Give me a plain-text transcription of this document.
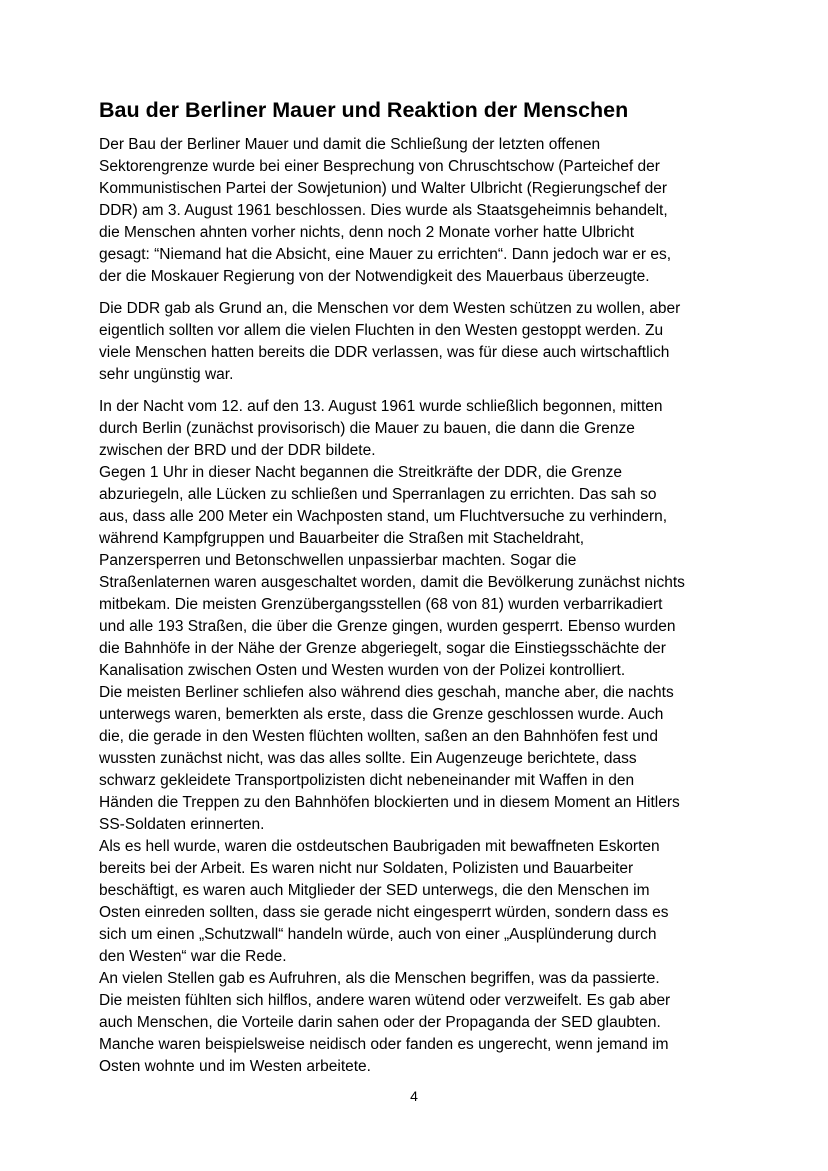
Bau der Berliner Mauer und Reaktion der Menschen
Der Bau der Berliner Mauer und damit die Schließung der letzten offenen
Sektorengrenze wurde bei einer Besprechung von Chruschtschow (Parteichef der
Kommunistischen Partei der Sowjetunion) und Walter Ulbricht (Regierungschef der
DDR) am 3. August 1961 beschlossen. Dies wurde als Staatsgeheimnis behandelt,
die Menschen ahnten vorher nichts, denn noch 2 Monate vorher hatte Ulbricht
gesagt: “Niemand hat die Absicht, eine Mauer zu errichten“. Dann jedoch war er es,
der die Moskauer Regierung von der Notwendigkeit des Mauerbaus überzeugte.
Die DDR gab als Grund an, die Menschen vor dem Westen schützen zu wollen, aber
eigentlich sollten vor allem die vielen Fluchten in den Westen gestoppt werden. Zu
viele Menschen hatten bereits die DDR verlassen, was für diese auch wirtschaftlich
sehr ungünstig war.
In der Nacht vom 12. auf den 13. August 1961 wurde schließlich begonnen, mitten
durch Berlin (zunächst provisorisch) die Mauer zu bauen, die dann die Grenze
zwischen der BRD und der DDR bildete.
Gegen 1 Uhr in dieser Nacht begannen die Streitkräfte der DDR, die Grenze
abzuriegeln, alle Lücken zu schließen und Sperranlagen zu errichten. Das sah so
aus, dass alle 200 Meter ein Wachposten stand, um Fluchtversuche zu verhindern,
während Kampfgruppen und Bauarbeiter die Straßen mit Stacheldraht,
Panzersperren und Betonschwellen unpassierbar machten. Sogar die
Straßenlaternen waren ausgeschaltet worden, damit die Bevölkerung zunächst nichts
mitbekam. Die meisten Grenzübergangsstellen (68 von 81) wurden verbarrikadiert
und alle 193 Straßen, die über die Grenze gingen, wurden gesperrt. Ebenso wurden
die Bahnhöfe in der Nähe der Grenze abgeriegelt, sogar die Einstiegsschächte der
Kanalisation zwischen Osten und Westen wurden von der Polizei kontrolliert.
Die meisten Berliner schliefen also während dies geschah, manche aber, die nachts
unterwegs waren, bemerkten als erste, dass die Grenze geschlossen wurde. Auch
die, die gerade in den Westen flüchten wollten, saßen an den Bahnhöfen fest und
wussten zunächst nicht, was das alles sollte. Ein Augenzeuge berichtete, dass
schwarz gekleidete Transportpolizisten dicht nebeneinander mit Waffen in den
Händen die Treppen zu den Bahnhöfen blockierten und in diesem Moment an Hitlers
SS-Soldaten erinnerten.
Als es hell wurde, waren die ostdeutschen Baubrigaden mit bewaffneten Eskorten
bereits bei der Arbeit. Es waren nicht nur Soldaten, Polizisten und Bauarbeiter
beschäftigt, es waren auch Mitglieder der SED unterwegs, die den Menschen im
Osten einreden sollten, dass sie gerade nicht eingesperrt würden, sondern dass es
sich um einen „Schutzwall“ handeln würde, auch von einer „Ausplünderung durch
den Westen“ war die Rede.
An vielen Stellen gab es Aufruhren, als die Menschen begriffen, was da passierte.
Die meisten fühlten sich hilflos, andere waren wütend oder verzweifelt. Es gab aber
auch Menschen, die Vorteile darin sahen oder der Propaganda der SED glaubten.
Manche waren beispielsweise neidisch oder fanden es ungerecht, wenn jemand im
Osten wohnte und im Westen arbeitete.
4
